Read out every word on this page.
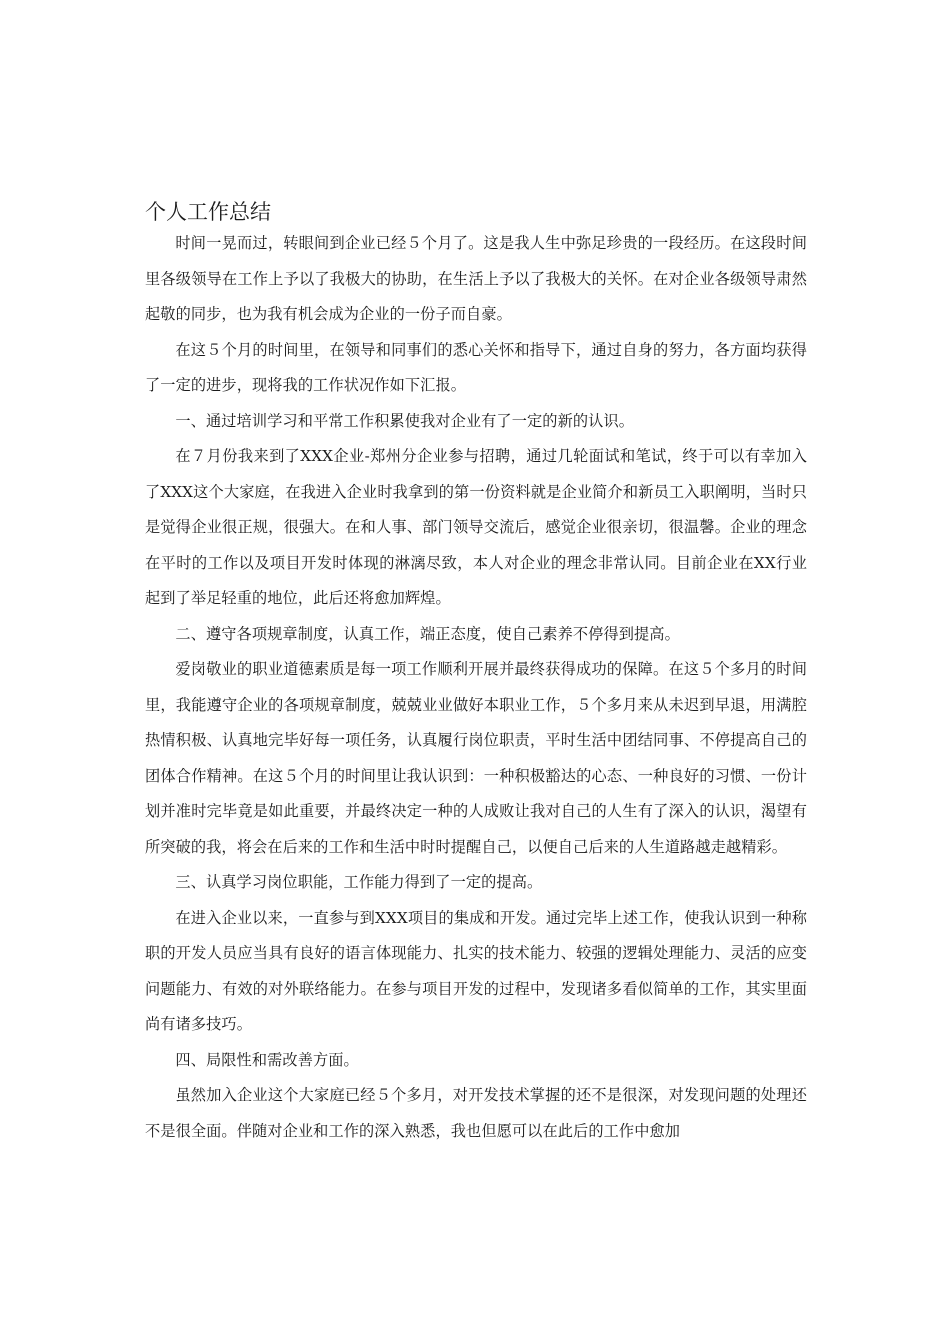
个人工作总结

时间一晃而过，转眼间到企业已经５个月了。这是我人生中弥足珍贵的一段经历。在这段时间里各级领导在工作上予以了我极大的协助，在生活上予以了我极大的关怀。在对企业各级领导肃然起敬的同步，也为我有机会成为企业的一份子而自豪。

在这５个月的时间里，在领导和同事们的悉心关怀和指导下，通过自身的努力，各方面均获得了一定的进步，现将我的工作状况作如下汇报。

一、通过培训学习和平常工作积累使我对企业有了一定的新的认识。

在７月份我来到了XXX企业-郑州分企业参与招聘，通过几轮面试和笔试，终于可以有幸加入了XXX这个大家庭，在我进入企业时我拿到的第一份资料就是企业简介和新员工入职阐明，当时只是觉得企业很正规，很强大。在和人事、部门领导交流后，感觉企业很亲切，很温馨。企业的理念在平时的工作以及项目开发时体现的淋漓尽致，本人对企业的理念非常认同。目前企业在XX行业起到了举足轻重的地位，此后还将愈加辉煌。

二、遵守各项规章制度，认真工作，端正态度，使自己素养不停得到提高。

爱岗敬业的职业道德素质是每一项工作顺利开展并最终获得成功的保障。在这５个多月的时间里，我能遵守企业的各项规章制度，兢兢业业做好本职业工作，５个多月来从未迟到早退，用满腔热情积极、认真地完毕好每一项任务，认真履行岗位职责，平时生活中团结同事、不停提高自己的团体合作精神。在这５个月的时间里让我认识到：一种积极豁达的心态、一种良好的习惯、一份计划并准时完毕竟是如此重要，并最终决定一种的人成败让我对自己的人生有了深入的认识，渴望有所突破的我，将会在后来的工作和生活中时时提醒自己，以便自己后来的人生道路越走越精彩。

三、认真学习岗位职能，工作能力得到了一定的提高。

在进入企业以来，一直参与到XXX项目的集成和开发。通过完毕上述工作，使我认识到一种称职的开发人员应当具有良好的语言体现能力、扎实的技术能力、较强的逻辑处理能力、灵活的应变问题能力、有效的对外联络能力。在参与项目开发的过程中，发现诸多看似简单的工作，其实里面尚有诸多技巧。

四、局限性和需改善方面。

虽然加入企业这个大家庭已经５个多月，对开发技术掌握的还不是很深，对发现问题的处理还不是很全面。伴随对企业和工作的深入熟悉，我也但愿可以在此后的工作中愈加
